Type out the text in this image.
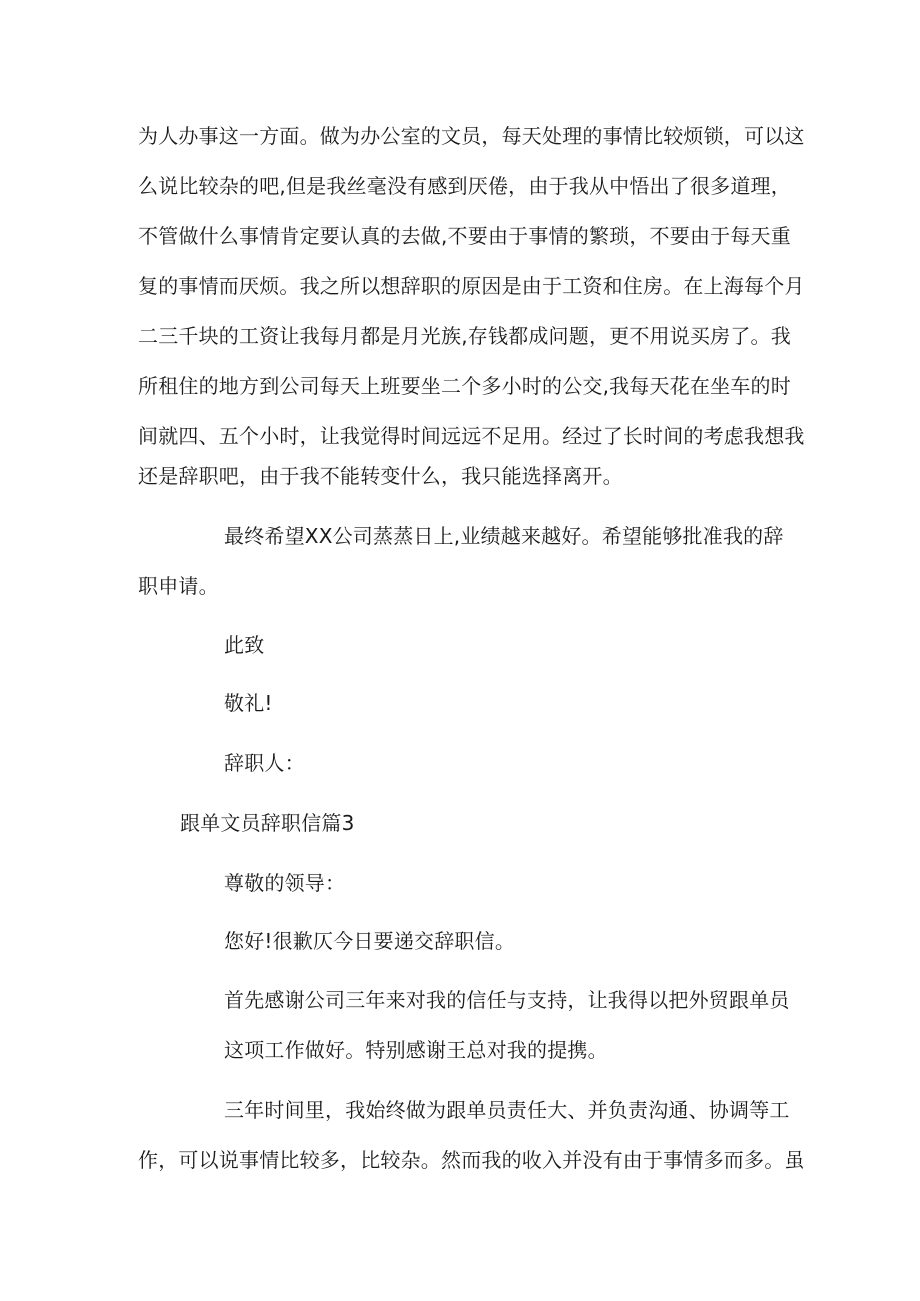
为人办事这一方面。做为办公室的文员，每天处理的事情比较烦锁，可以这
么说比较杂的吧,但是我丝毫没有感到厌倦，由于我从中悟出了很多道理，
不管做什么事情肯定要认真的去做,不要由于事情的繁琐，不要由于每天重
复的事情而厌烦。我之所以想辞职的原因是由于工资和住房。在上海每个月
二三千块的工资让我每月都是月光族,存钱都成问题，更不用说买房了。我
所租住的地方到公司每天上班要坐二个多小时的公交,我每天花在坐车的时
间就四、五个小时，让我觉得时间远远不足用。经过了长时间的考虑我想我
还是辞职吧，由于我不能转变什么，我只能选择离开。
最终希望XX公司蒸蒸日上,业绩越来越好。希望能够批准我的辞
职申请。
此致
敬礼!
辞职人：
跟单文员辞职信篇3
尊敬的领导：
您好!很歉仄今日要递交辞职信。
首先感谢公司三年来对我的信任与支持，让我得以把外贸跟单员
这项工作做好。特别感谢王总对我的提携。
三年时间里，我始终做为跟单员责任大、并负责沟通、协调等工
作，可以说事情比较多，比较杂。然而我的收入并没有由于事情多而多。虽
